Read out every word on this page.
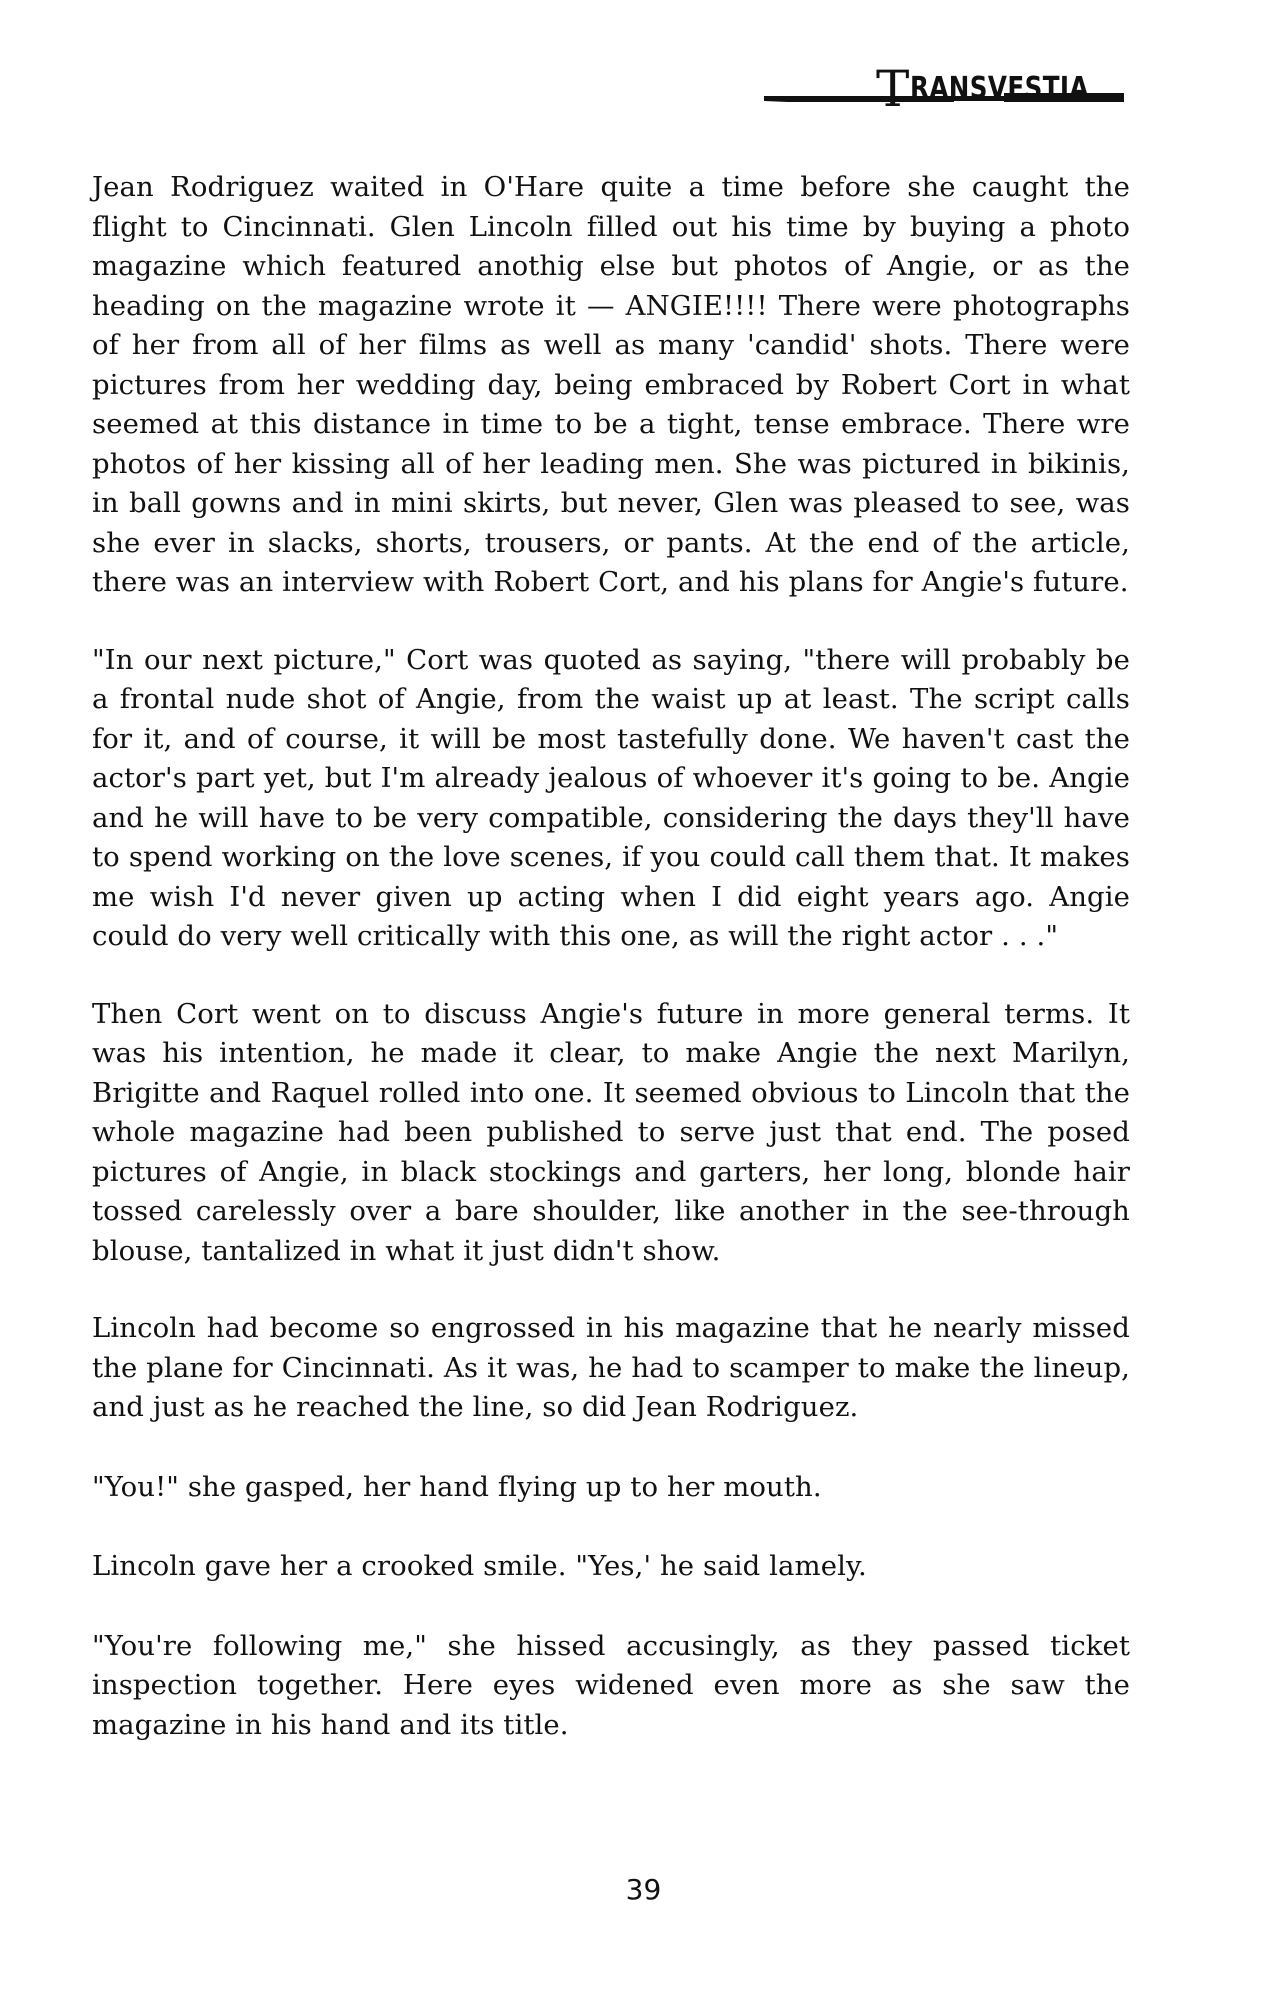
TRANSVESTIA

Jean Rodriguez waited in O'Hare quite a time before she caught the flight to Cincinnati. Glen Lincoln filled out his time by buying a photo magazine which featured anothig else but photos of Angie, or as the heading on the magazine wrote it — ANGIE!!!! There were photographs of her from all of her films as well as many 'candid' shots. There were pictures from her wedding day, being embraced by Robert Cort in what seemed at this distance in time to be a tight, tense embrace. There wre photos of her kissing all of her leading men. She was pictured in bikinis, in ball gowns and in mini skirts, but never, Glen was pleased to see, was she ever in slacks, shorts, trousers, or pants. At the end of the article, there was an interview with Robert Cort, and his plans for Angie's future.

"In our next picture," Cort was quoted as saying, "there will probably be a frontal nude shot of Angie, from the waist up at least. The script calls for it, and of course, it will be most tastefully done. We haven't cast the actor's part yet, but I'm already jealous of whoever it's going to be. Angie and he will have to be very compatible, considering the days they'll have to spend working on the love scenes, if you could call them that. It makes me wish I'd never given up acting when I did eight years ago. Angie could do very well critically with this one, as will the right actor . . ."

Then Cort went on to discuss Angie's future in more general terms. It was his intention, he made it clear, to make Angie the next Marilyn, Brigitte and Raquel rolled into one. It seemed obvious to Lincoln that the whole magazine had been published to serve just that end. The posed pictures of Angie, in black stockings and garters, her long, blonde hair tossed carelessly over a bare shoulder, like another in the see-through blouse, tantalized in what it just didn't show.

Lincoln had become so engrossed in his magazine that he nearly missed the plane for Cincinnati. As it was, he had to scamper to make the lineup, and just as he reached the line, so did Jean Rodriguez.

"You!" she gasped, her hand flying up to her mouth.

Lincoln gave her a crooked smile. "Yes,' he said lamely.

"You're following me," she hissed accusingly, as they passed ticket inspection together. Here eyes widened even more as she saw the magazine in his hand and its title.

39
